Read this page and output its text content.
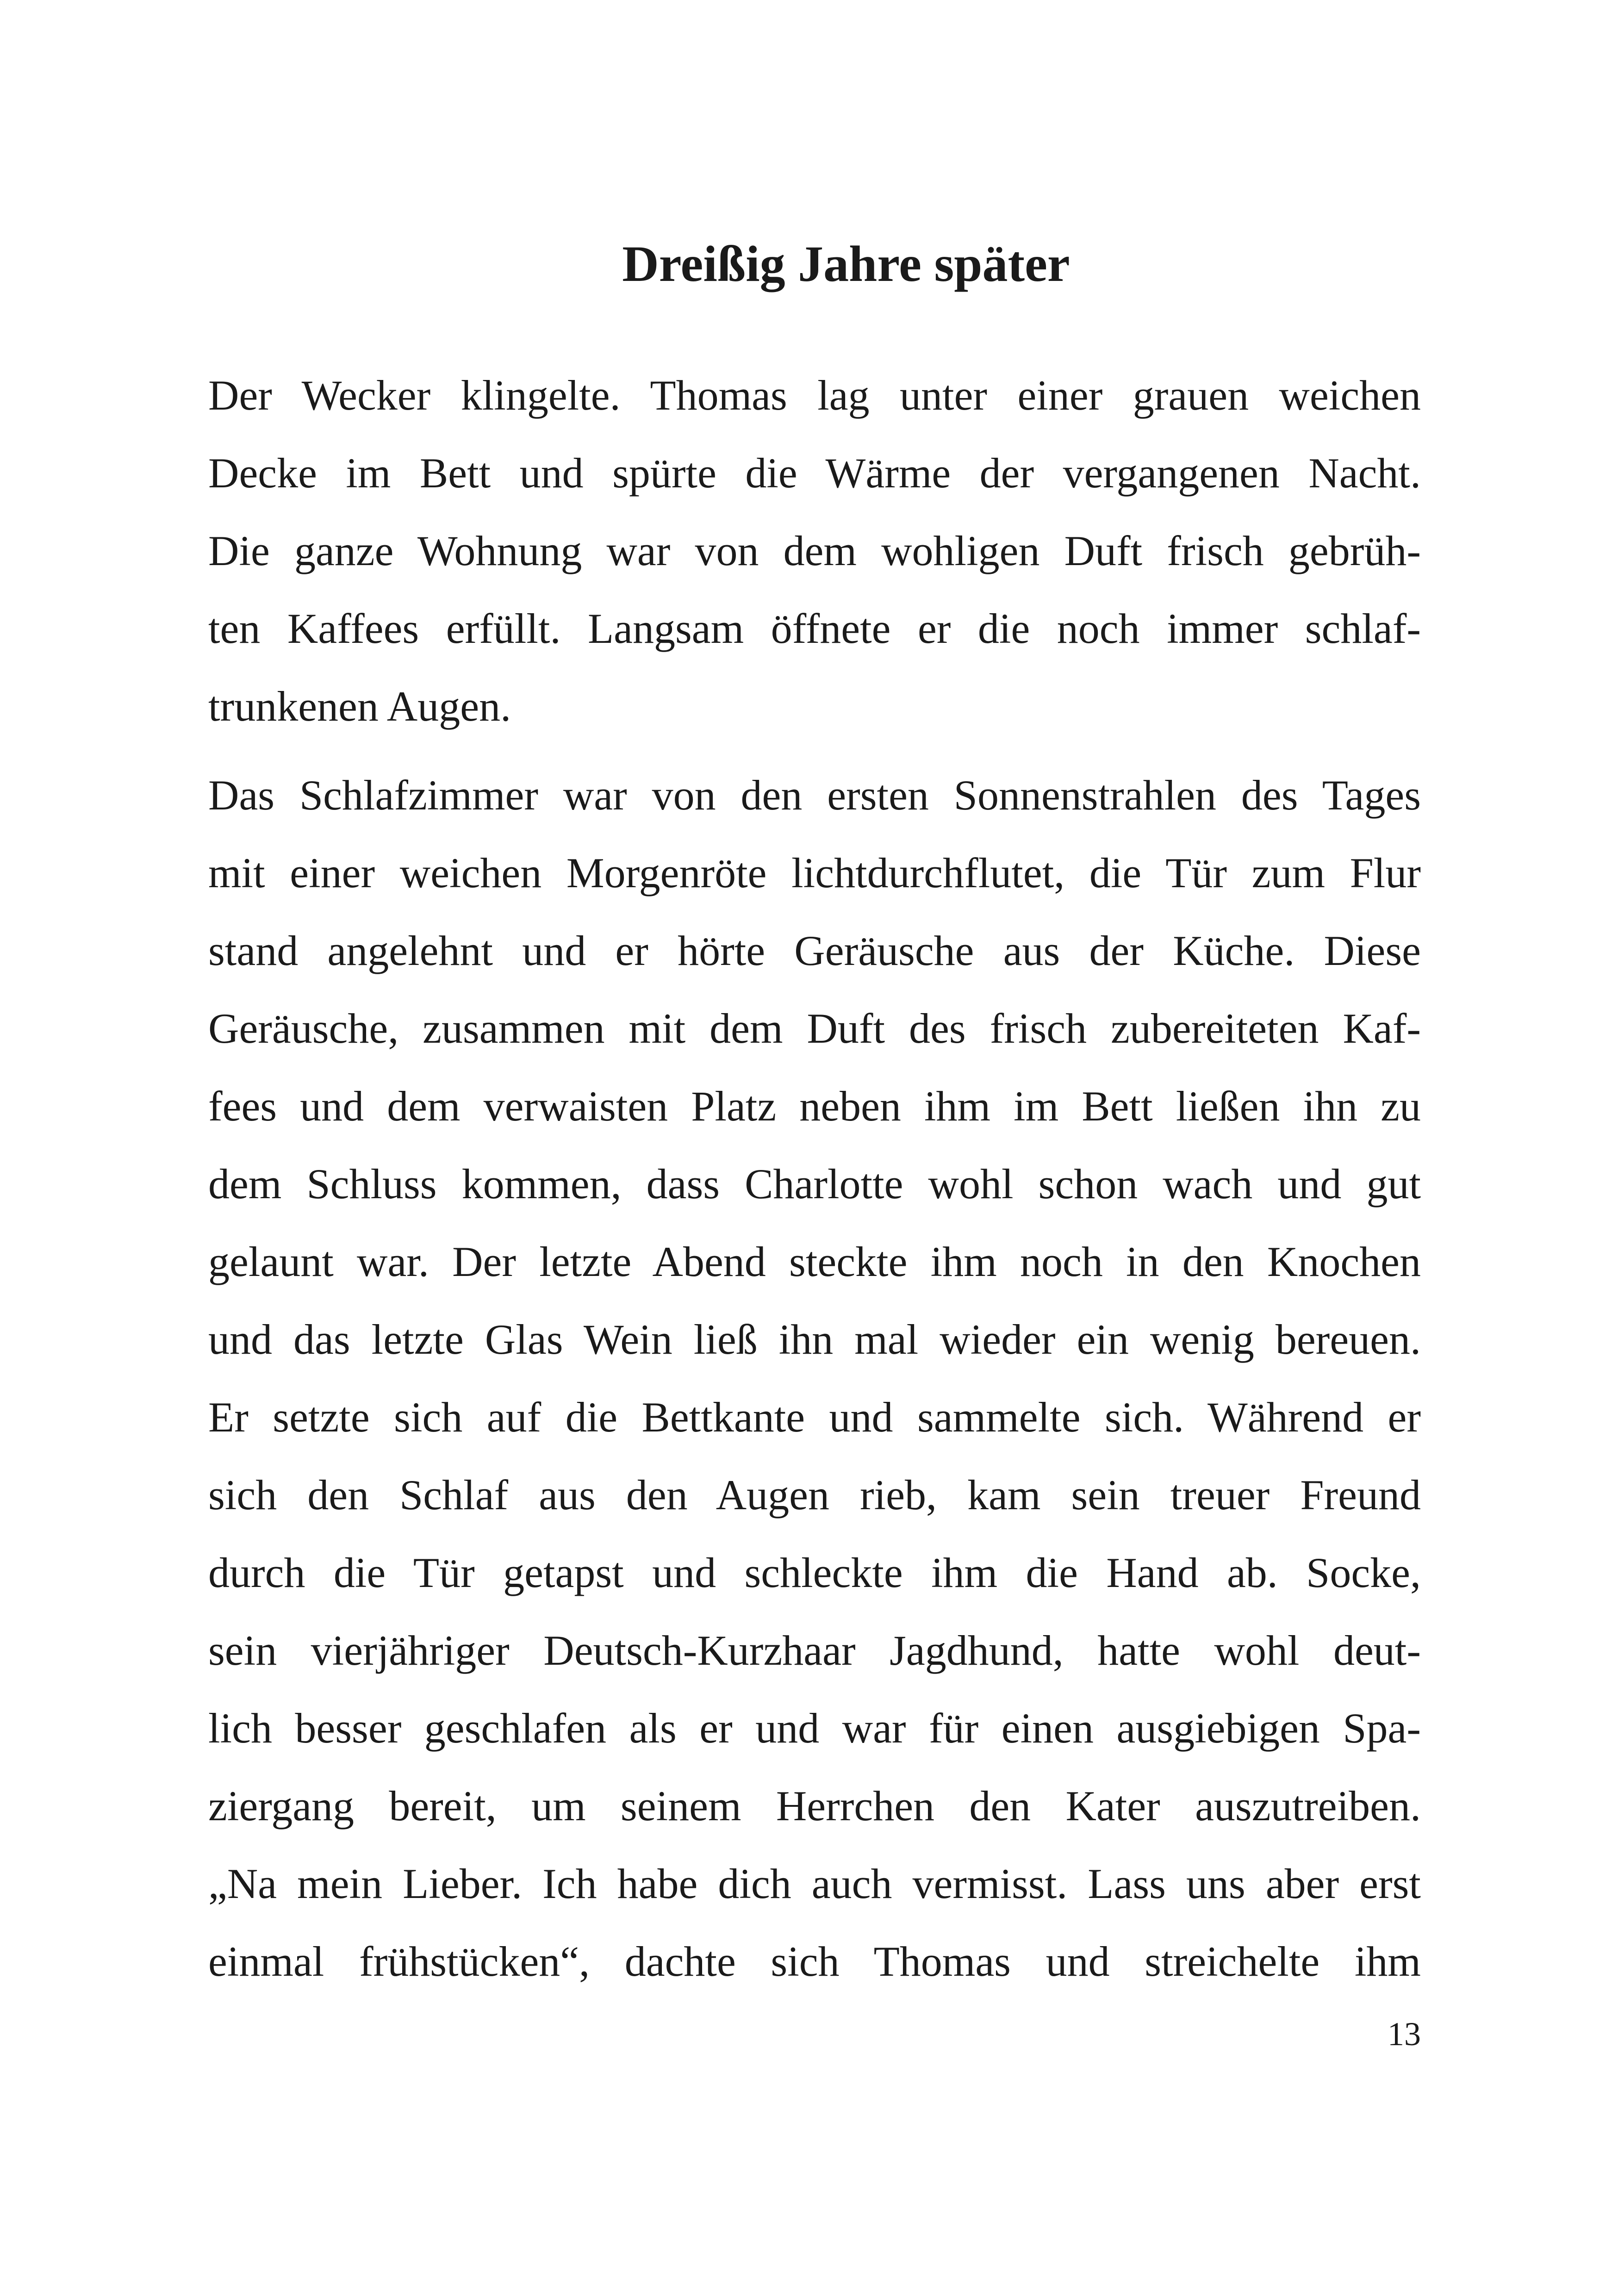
Dreißig Jahre später
Der Wecker klingelte. Thomas lag unter einer grauen weichen
Decke im Bett und spürte die Wärme der vergangenen Nacht.
Die ganze Wohnung war von dem wohligen Duft frisch gebrüh-
ten Kaffees erfüllt. Langsam öffnete er die noch immer schlaf-
trunkenen Augen.
Das Schlafzimmer war von den ersten Sonnenstrahlen des Tages
mit einer weichen Morgenröte lichtdurchflutet, die Tür zum Flur
stand angelehnt und er hörte Geräusche aus der Küche. Diese
Geräusche, zusammen mit dem Duft des frisch zubereiteten Kaf-
fees und dem verwaisten Platz neben ihm im Bett ließen ihn zu
dem Schluss kommen, dass Charlotte wohl schon wach und gut
gelaunt war. Der letzte Abend steckte ihm noch in den Knochen
und das letzte Glas Wein ließ ihn mal wieder ein wenig bereuen.
Er setzte sich auf die Bettkante und sammelte sich. Während er
sich den Schlaf aus den Augen rieb, kam sein treuer Freund
durch die Tür getapst und schleckte ihm die Hand ab. Socke,
sein vierjähriger Deutsch-Kurzhaar Jagdhund, hatte wohl deut-
lich besser geschlafen als er und war für einen ausgiebigen Spa-
ziergang bereit, um seinem Herrchen den Kater auszutreiben.
„Na mein Lieber. Ich habe dich auch vermisst. Lass uns aber erst
einmal frühstücken“, dachte sich Thomas und streichelte ihm
13
